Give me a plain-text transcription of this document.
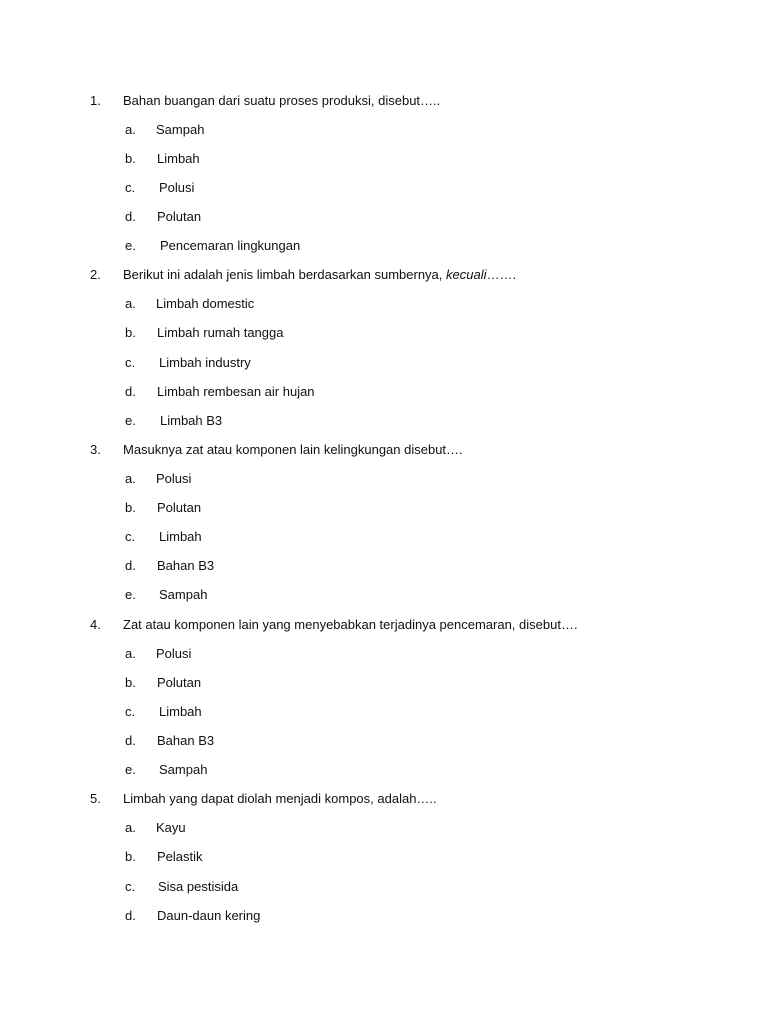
1. Bahan buangan dari suatu proses produksi, disebut…..
a. Sampah
b. Limbah
c. Polusi
d. Polutan
e. Pencemaran lingkungan
2. Berikut ini adalah jenis limbah berdasarkan sumbernya, kecuali…….
a. Limbah domestic
b. Limbah rumah tangga
c. Limbah industry
d. Limbah rembesan air hujan
e. Limbah B3
3. Masuknya zat atau komponen lain kelingkungan disebut….
a. Polusi
b. Polutan
c. Limbah
d. Bahan B3
e. Sampah
4. Zat atau komponen lain yang menyebabkan terjadinya pencemaran, disebut….
a. Polusi
b. Polutan
c. Limbah
d. Bahan B3
e. Sampah
5. Limbah yang dapat diolah menjadi kompos, adalah…..
a. Kayu
b. Pelastik
c. Sisa pestisida
d. Daun-daun kering
